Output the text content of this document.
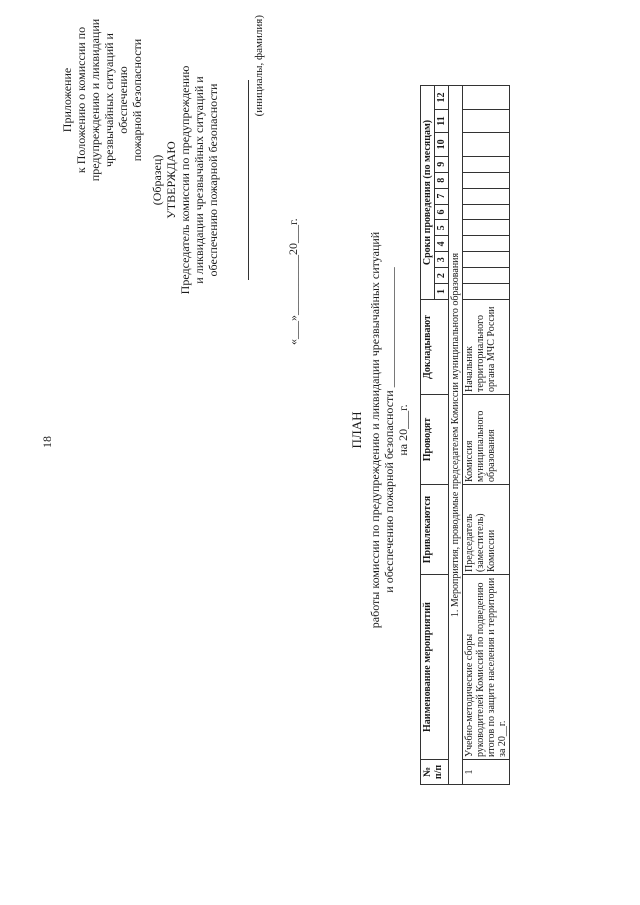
18
Приложение к Положению о комиссии по предупреждению и ликвидации чрезвычайных ситуаций и обеспечению пожарной безопасности
(Образец) УТВЕРЖДАЮ Председатель комиссии по предупреждению и ликвидации чрезвычайных ситуаций и обеспечению пожарной безопасности
(инициалы, фамилия)
«___»__________20___г.
ПЛАН работы комиссии по предупреждению и ликвидации чрезвычайных ситуаций и обеспечению пожарной безопасности ____________________ на 20___г.
№ п/п	Наименование мероприятий	Привлекаются	Проводят	Докладывают	Сроки проведения (по месяцам)											
					1	2	3	4	5	6	7	8	9	10	11	12
1. Мероприятия, проводимые председателем Комиссии муниципального образования																
1	Учебно-методические сборы руководителей Комиссий по подведению итогов по защите населения и территории за 20__г.	Председатель (заместитель) Комиссии	Комиссия муниципального образования	Начальник территориального органа МЧС России												
